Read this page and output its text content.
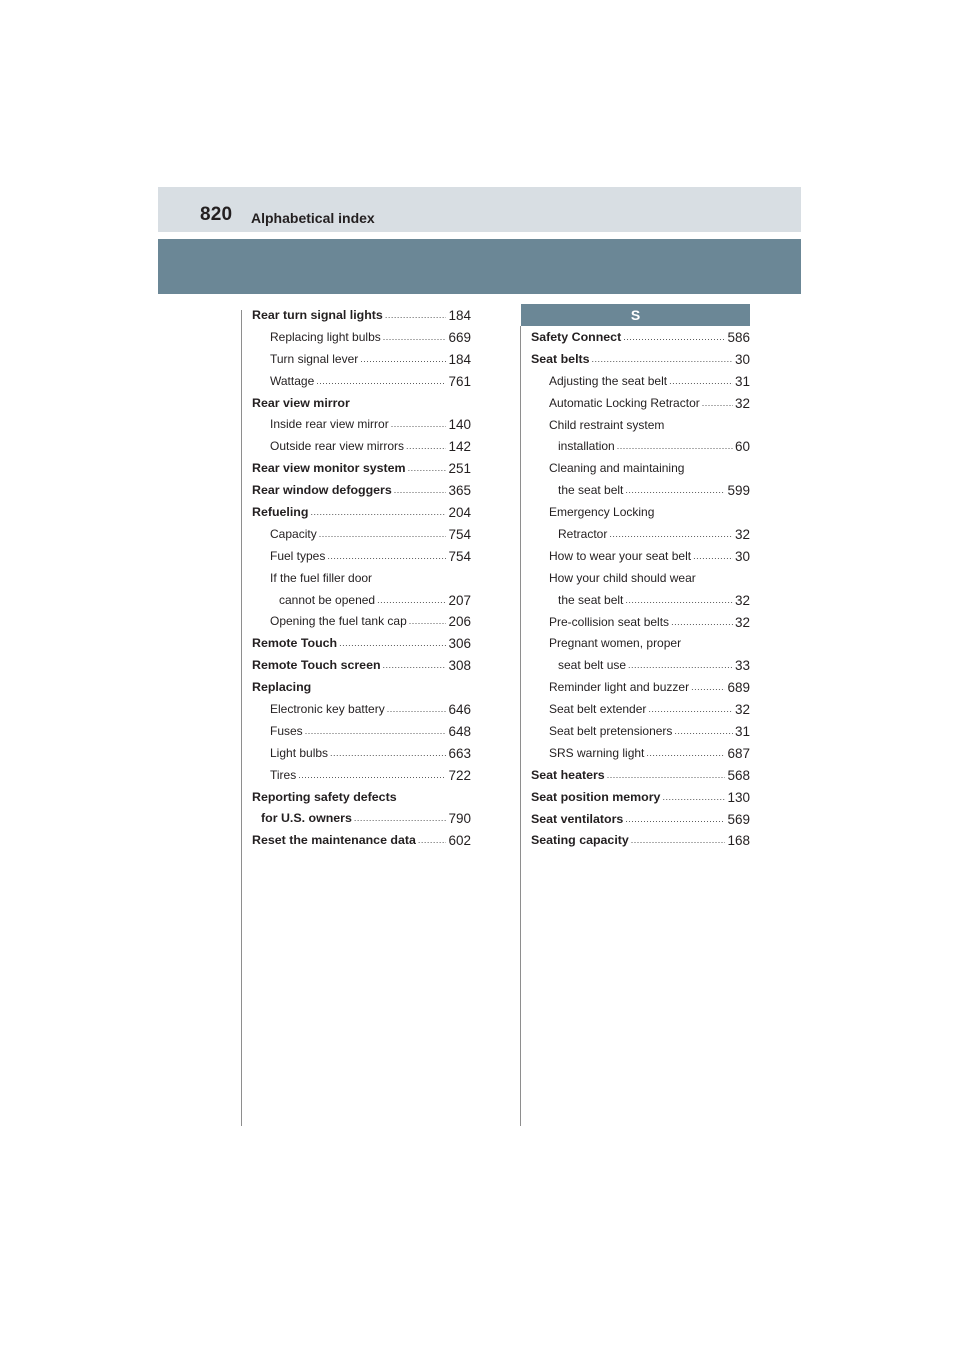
820 Alphabetical index
S
Rear turn signal lights .....	184
Replacing light bulbs .....	669
Turn signal lever .....	184
Wattage .....	761
Rear view mirror
Inside rear view mirror .....	140
Outside rear view mirrors .....	142
Rear view monitor system .....	251
Rear window defoggers .....	365
Refueling .....	204
Capacity .....	754
Fuel types .....	754
If the fuel filler door
cannot be opened .....	207
Opening the fuel tank cap .....	206
Remote Touch .....	306
Remote Touch screen .....	308
Replacing
Electronic key battery .....	646
Fuses .....	648
Light bulbs .....	663
Tires .....	722
Reporting safety defects
for U.S. owners .....	790
Reset the maintenance data ..... 602
Safety Connect .....	586
Seat belts .....	30
Adjusting the seat belt .....	31
Automatic Locking Retractor .....	32
Child restraint system
installation .....	60
Cleaning and maintaining
the seat belt .....	599
Emergency Locking
Retractor .....	32
How to wear your seat belt .....	30
How your child should wear
the seat belt .....	32
Pre-collision seat belts .....	32
Pregnant women, proper
seat belt use .....	33
Reminder light and buzzer .....	689
Seat belt extender .....	32
Seat belt pretensioners .....	31
SRS warning light .....	687
Seat heaters .....	568
Seat position memory .....	130
Seat ventilators .....	569
Seating capacity .....	168
